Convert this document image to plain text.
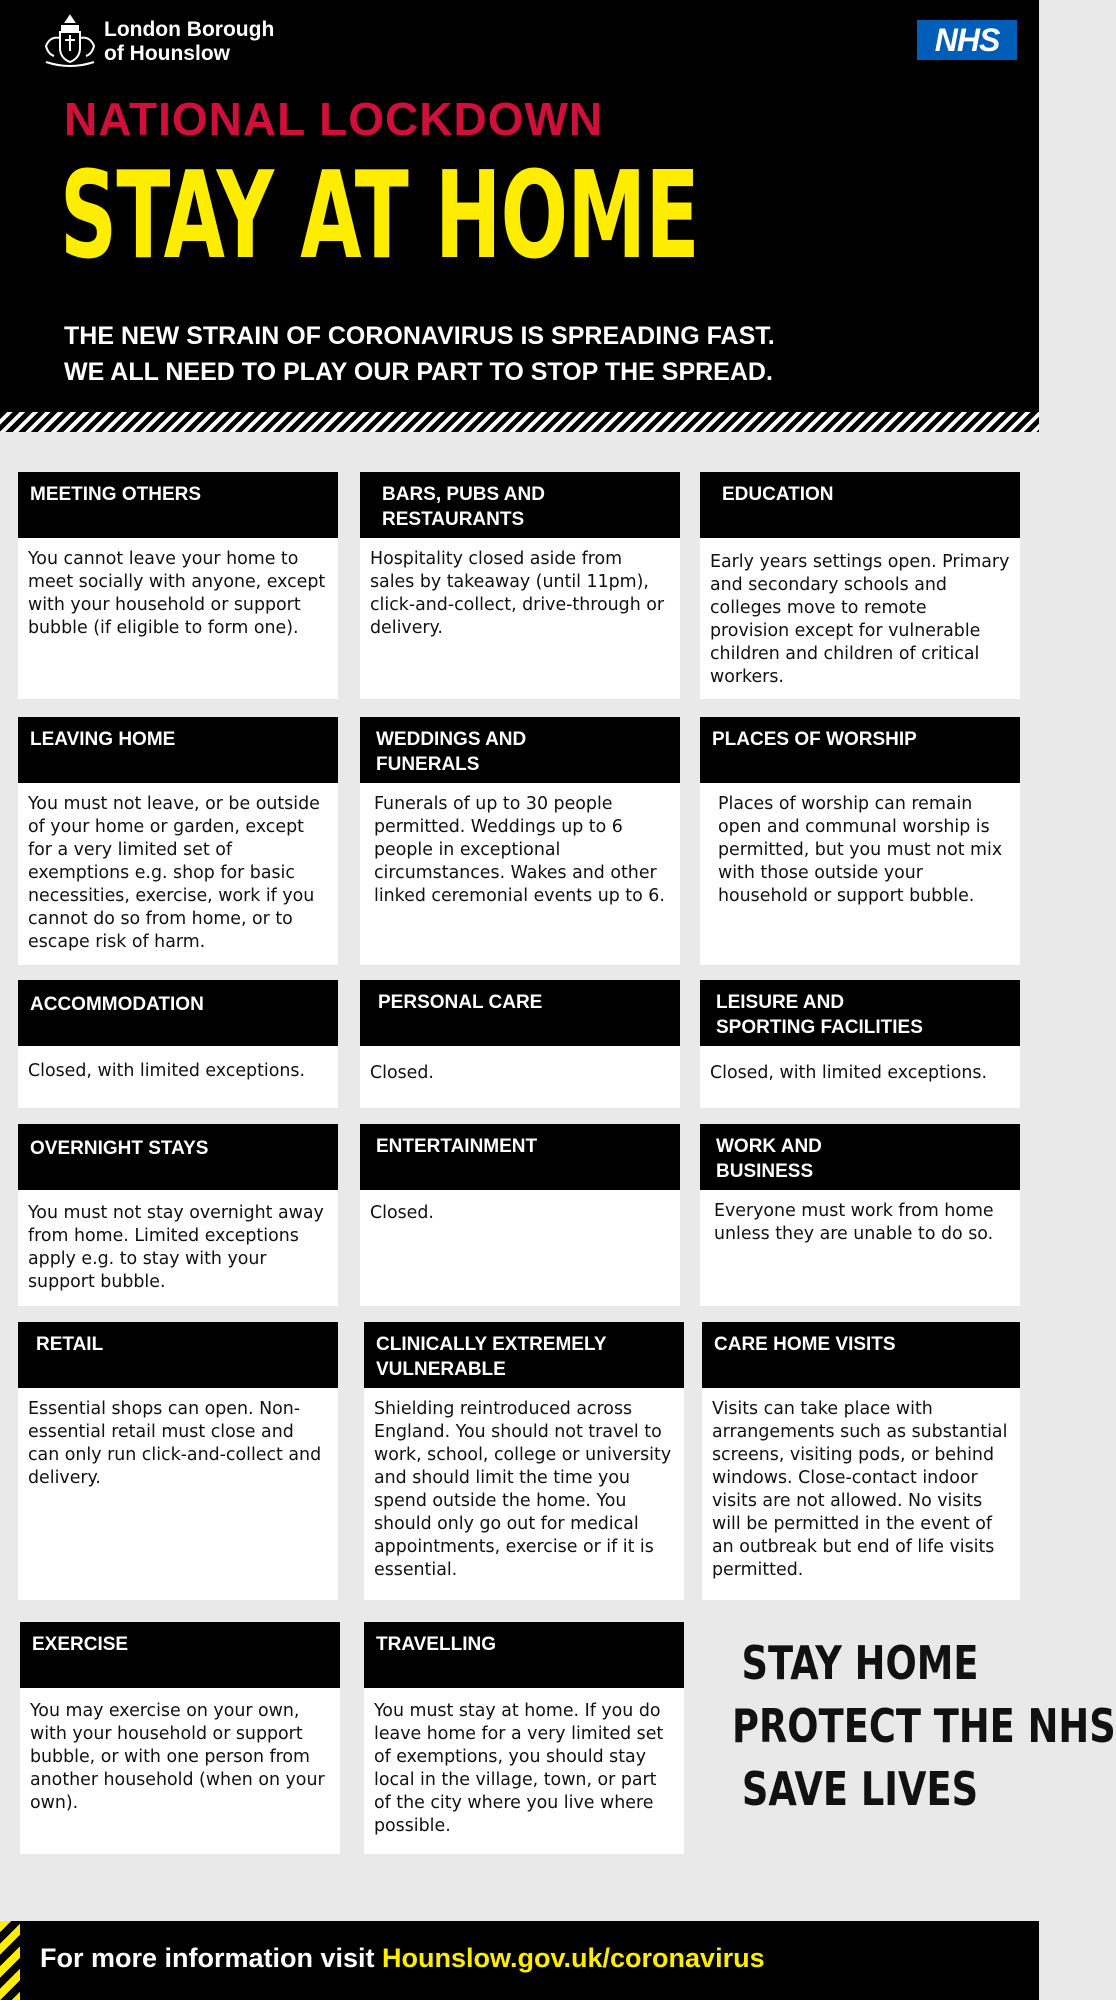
London Borough
of Hounslow	NHS
NATIONAL LOCKDOWN
STAY AT HOME
THE NEW STRAIN OF CORONAVIRUS IS SPREADING FAST.
WE ALL NEED TO PLAY OUR PART TO STOP THE SPREAD.
MEETING OTHERS
You cannot leave your home to meet socially with anyone, except with your household or support bubble (if eligible to form one).
BARS, PUBS AND
RESTAURANTS
Hospitality closed aside from sales by takeaway (until 11pm), click-and-collect, drive-through or delivery.
EDUCATION
Early years settings open. Primary and secondary schools and colleges move to remote provision except for vulnerable children and children of critical workers.
LEAVING HOME
You must not leave, or be outside of your home or garden, except for a very limited set of exemptions e.g. shop for basic necessities, exercise, work if you cannot do so from home, or to escape risk of harm.
WEDDINGS AND
FUNERALS
Funerals of up to 30 people permitted. Weddings up to 6 people in exceptional circumstances. Wakes and other linked ceremonial events up to 6.
PLACES OF WORSHIP
Places of worship can remain open and communal worship is permitted, but you must not mix with those outside your household or support bubble.
ACCOMMODATION
Closed, with limited exceptions.
PERSONAL CARE
Closed.
LEISURE AND
SPORTING FACILITIES
Closed, with limited exceptions.
OVERNIGHT STAYS
You must not stay overnight away from home. Limited exceptions apply e.g. to stay with your support bubble.
ENTERTAINMENT
Closed.
WORK AND
BUSINESS
Everyone must work from home unless they are unable to do so.
RETAIL
Essential shops can open. Non-essential retail must close and can only run click-and-collect and delivery.
CLINICALLY EXTREMELY
VULNERABLE
Shielding reintroduced across England. You should not travel to work, school, college or university and should limit the time you spend outside the home. You should only go out for medical appointments, exercise or if it is essential.
CARE HOME VISITS
Visits can take place with arrangements such as substantial screens, visiting pods, or behind windows. Close-contact indoor visits are not allowed. No visits will be permitted in the event of an outbreak but end of life visits permitted.
EXERCISE
You may exercise on your own, with your household or support bubble, or with one person from another household (when on your own).
TRAVELLING
You must stay at home. If you do leave home for a very limited set of exemptions, you should stay local in the village, town, or part of the city where you live where possible.
STAY HOME
PROTECT THE NHS
SAVE LIVES
For more information visit Hounslow.gov.uk/coronavirus
